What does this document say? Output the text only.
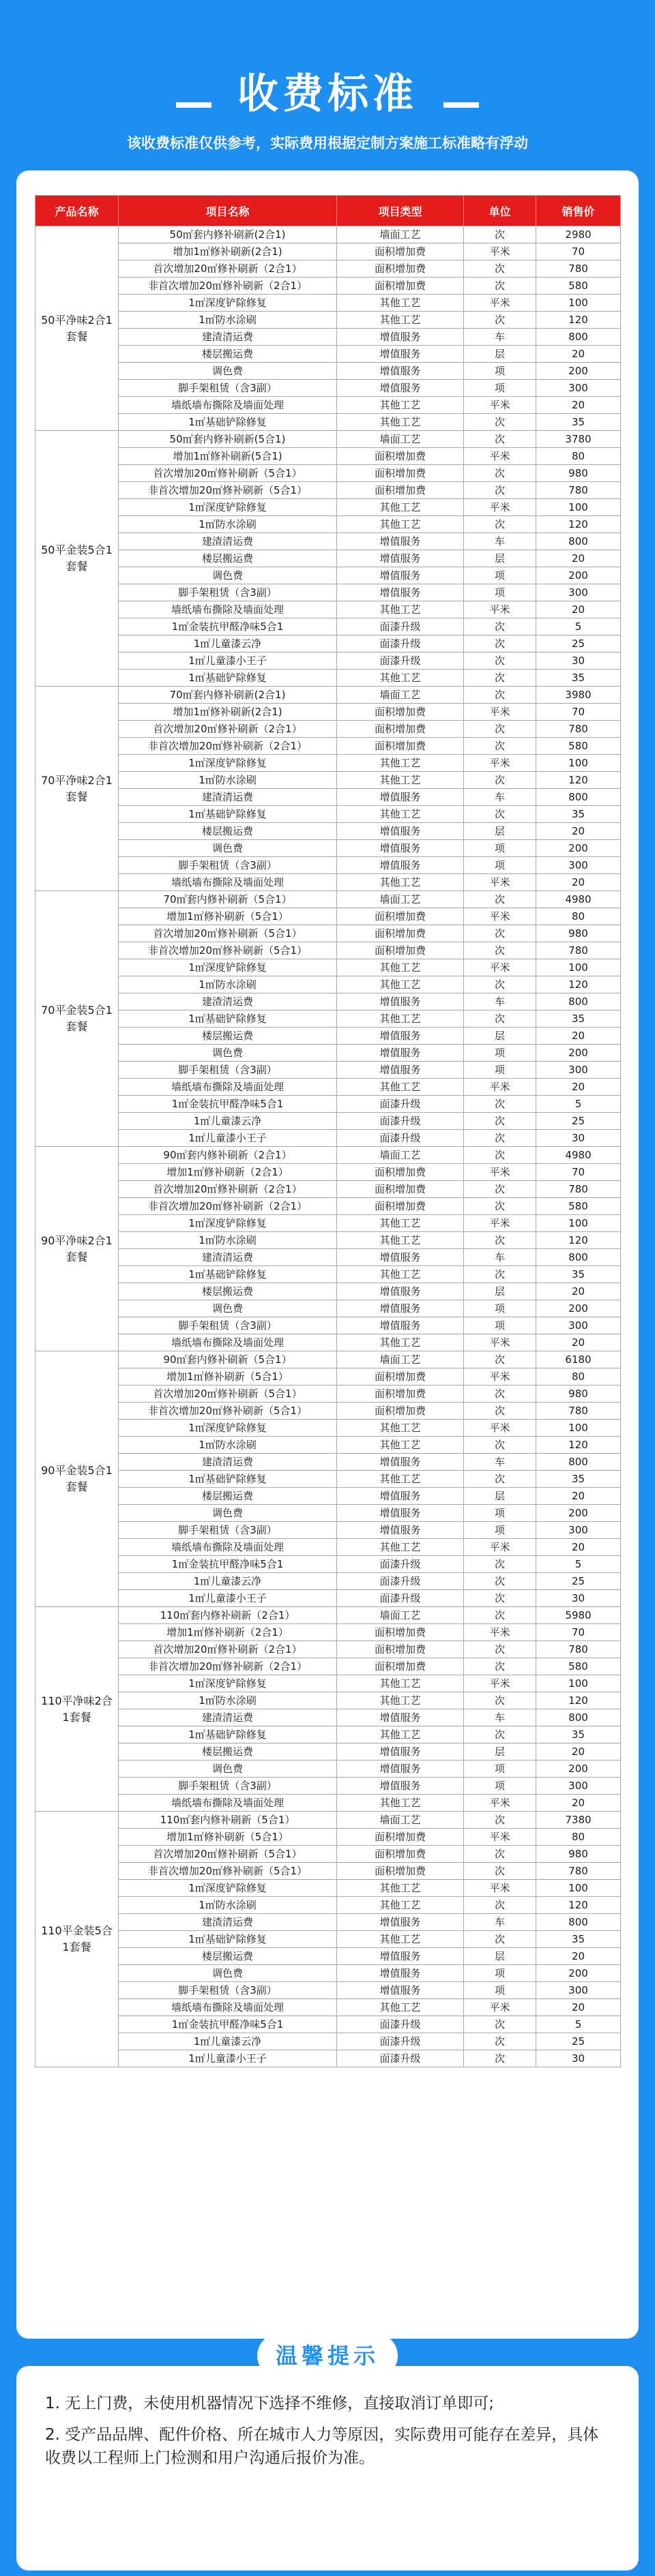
收费标准
该收费标准仅供参考，实际费用根据定制方案施工标准略有浮动
产品名称	项目名称	项目类型	单位	销售价
50平净味2合1套餐	50㎡套内修补刷新(2合1)	墙面工艺	次	2980
	增加1㎡修补刷新(2合1)	面积增加费	平米	70
	首次增加20㎡修补刷新（2合1）	面积增加费	次	780
	非首次增加20㎡修补刷新（2合1）	面积增加费	次	580
	1㎡深度铲除修复	其他工艺	平米	100
	1㎡防水涂刷	其他工艺	次	120
	建渣清运费	增值服务	车	800
	楼层搬运费	增值服务	层	20
	调色费	增值服务	项	200
	脚手架租赁（含3副）	增值服务	项	300
	墙纸墙布撕除及墙面处理	其他工艺	平米	20
	1㎡基础铲除修复	其他工艺	次	35
50平金装5合1套餐	50㎡套内修补刷新(5合1)	墙面工艺	次	3780
	增加1㎡修补刷新(5合1)	面积增加费	平米	80
	首次增加20㎡修补刷新（5合1）	面积增加费	次	980
	非首次增加20㎡修补刷新（5合1）	面积增加费	次	780
	1㎡深度铲除修复	其他工艺	平米	100
	1㎡防水涂刷	其他工艺	次	120
	建渣清运费	增值服务	车	800
	楼层搬运费	增值服务	层	20
	调色费	增值服务	项	200
	脚手架租赁（含3副）	增值服务	项	300
	墙纸墙布撕除及墙面处理	其他工艺	平米	20
	1㎡金装抗甲醛净味5合1	面漆升级	次	5
	1㎡儿童漆云净	面漆升级	次	25
	1㎡儿童漆小王子	面漆升级	次	30
	1㎡基础铲除修复	其他工艺	次	35
70平净味2合1套餐	70㎡套内修补刷新(2合1)	墙面工艺	次	3980
	增加1㎡修补刷新(2合1)	面积增加费	平米	70
	首次增加20㎡修补刷新（2合1）	面积增加费	次	780
	非首次增加20㎡修补刷新（2合1）	面积增加费	次	580
	1㎡深度铲除修复	其他工艺	平米	100
	1㎡防水涂刷	其他工艺	次	120
	建渣清运费	增值服务	车	800
	1㎡基础铲除修复	其他工艺	次	35
	楼层搬运费	增值服务	层	20
	调色费	增值服务	项	200
	脚手架租赁（含3副）	增值服务	项	300
	墙纸墙布撕除及墙面处理	其他工艺	平米	20
70平金装5合1套餐	70㎡套内修补刷新（5合1）	墙面工艺	次	4980
	增加1㎡修补刷新（5合1）	面积增加费	平米	80
	首次增加20㎡修补刷新（5合1）	面积增加费	次	980
	非首次增加20㎡修补刷新（5合1）	面积增加费	次	780
	1㎡深度铲除修复	其他工艺	平米	100
	1㎡防水涂刷	其他工艺	次	120
	建渣清运费	增值服务	车	800
	1㎡基础铲除修复	其他工艺	次	35
	楼层搬运费	增值服务	层	20
	调色费	增值服务	项	200
	脚手架租赁（含3副）	增值服务	项	300
	墙纸墙布撕除及墙面处理	其他工艺	平米	20
	1㎡金装抗甲醛净味5合1	面漆升级	次	5
	1㎡儿童漆云净	面漆升级	次	25
	1㎡儿童漆小王子	面漆升级	次	30
90平净味2合1套餐	90㎡套内修补刷新（2合1）	墙面工艺	次	4980
	增加1㎡修补刷新（2合1）	面积增加费	平米	70
	首次增加20㎡修补刷新（2合1）	面积增加费	次	780
	非首次增加20㎡修补刷新（2合1）	面积增加费	次	580
	1㎡深度铲除修复	其他工艺	平米	100
	1㎡防水涂刷	其他工艺	次	120
	建渣清运费	增值服务	车	800
	1㎡基础铲除修复	其他工艺	次	35
	楼层搬运费	增值服务	层	20
	调色费	增值服务	项	200
	脚手架租赁（含3副）	增值服务	项	300
	墙纸墙布撕除及墙面处理	其他工艺	平米	20
90平金装5合1套餐	90㎡套内修补刷新（5合1）	墙面工艺	次	6180
	增加1㎡修补刷新（5合1）	面积增加费	平米	80
	首次增加20㎡修补刷新（5合1）	面积增加费	次	980
	非首次增加20㎡修补刷新（5合1）	面积增加费	次	780
	1㎡深度铲除修复	其他工艺	平米	100
	1㎡防水涂刷	其他工艺	次	120
	建渣清运费	增值服务	车	800
	1㎡基础铲除修复	其他工艺	次	35
	楼层搬运费	增值服务	层	20
	调色费	增值服务	项	200
	脚手架租赁（含3副）	增值服务	项	300
	墙纸墙布撕除及墙面处理	其他工艺	平米	20
	1㎡金装抗甲醛净味5合1	面漆升级	次	5
	1㎡儿童漆云净	面漆升级	次	25
	1㎡儿童漆小王子	面漆升级	次	30
110平净味2合1套餐	110㎡套内修补刷新（2合1）	墙面工艺	次	5980
	增加1㎡修补刷新（2合1）	面积增加费	平米	70
	首次增加20㎡修补刷新（2合1）	面积增加费	次	780
	非首次增加20㎡修补刷新（2合1）	面积增加费	次	580
	1㎡深度铲除修复	其他工艺	平米	100
	1㎡防水涂刷	其他工艺	次	120
	建渣清运费	增值服务	车	800
	1㎡基础铲除修复	其他工艺	次	35
	楼层搬运费	增值服务	层	20
	调色费	增值服务	项	200
	脚手架租赁（含3副）	增值服务	项	300
	墙纸墙布撕除及墙面处理	其他工艺	平米	20
110平金装5合1套餐	110㎡套内修补刷新（5合1）	墙面工艺	次	7380
	增加1㎡修补刷新（5合1）	面积增加费	平米	80
	首次增加20㎡修补刷新（5合1）	面积增加费	次	980
	非首次增加20㎡修补刷新（5合1）	面积增加费	次	780
	1㎡深度铲除修复	其他工艺	平米	100
	1㎡防水涂刷	其他工艺	次	120
	建渣清运费	增值服务	车	800
	1㎡基础铲除修复	其他工艺	次	35
	楼层搬运费	增值服务	层	20
	调色费	增值服务	项	200
	脚手架租赁（含3副）	增值服务	项	300
	墙纸墙布撕除及墙面处理	其他工艺	平米	20
	1㎡金装抗甲醛净味5合1	面漆升级	次	5
	1㎡儿童漆云净	面漆升级	次	25
	1㎡儿童漆小王子	面漆升级	次	30
1. 无上门费，未使用机器情况下选择不维修，直接取消订单即可;
2. 受产品品牌、配件价格、所在城市人力等原因，实际费用可能存在差异，具体收费以工程师上门检测和用户沟通后报价为准。
温馨提示
